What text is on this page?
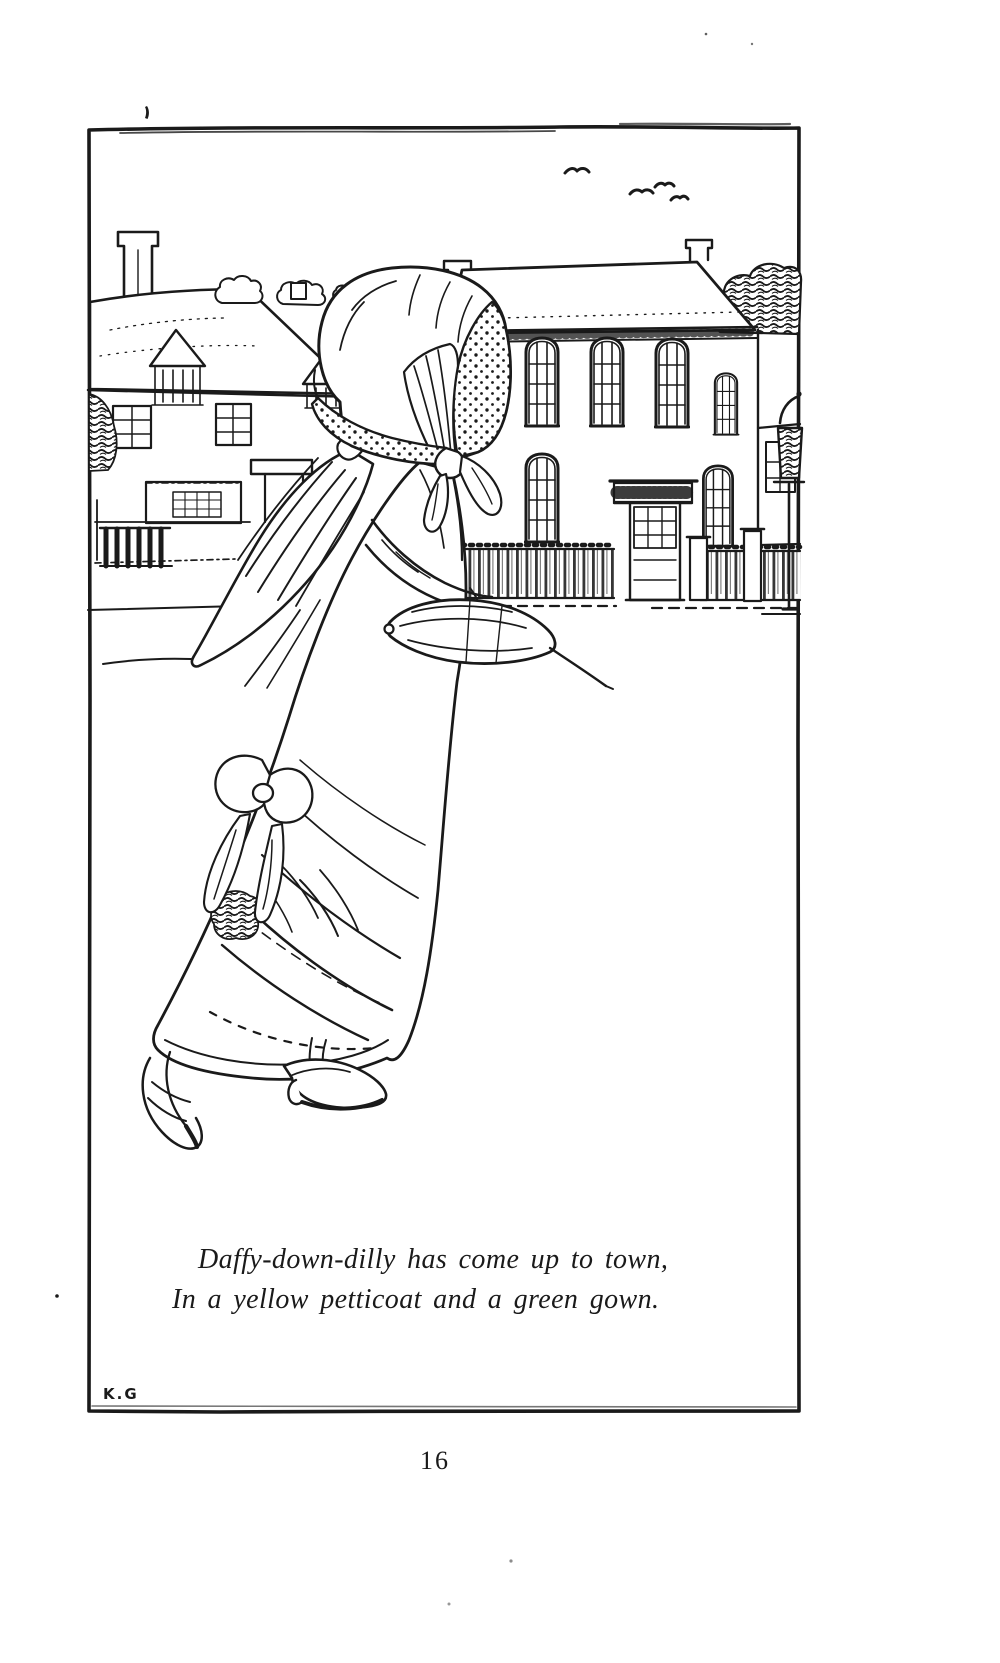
Daffy-down-dilly has come up to town,
In a yellow petticoat and a green gown.
K.G
16
